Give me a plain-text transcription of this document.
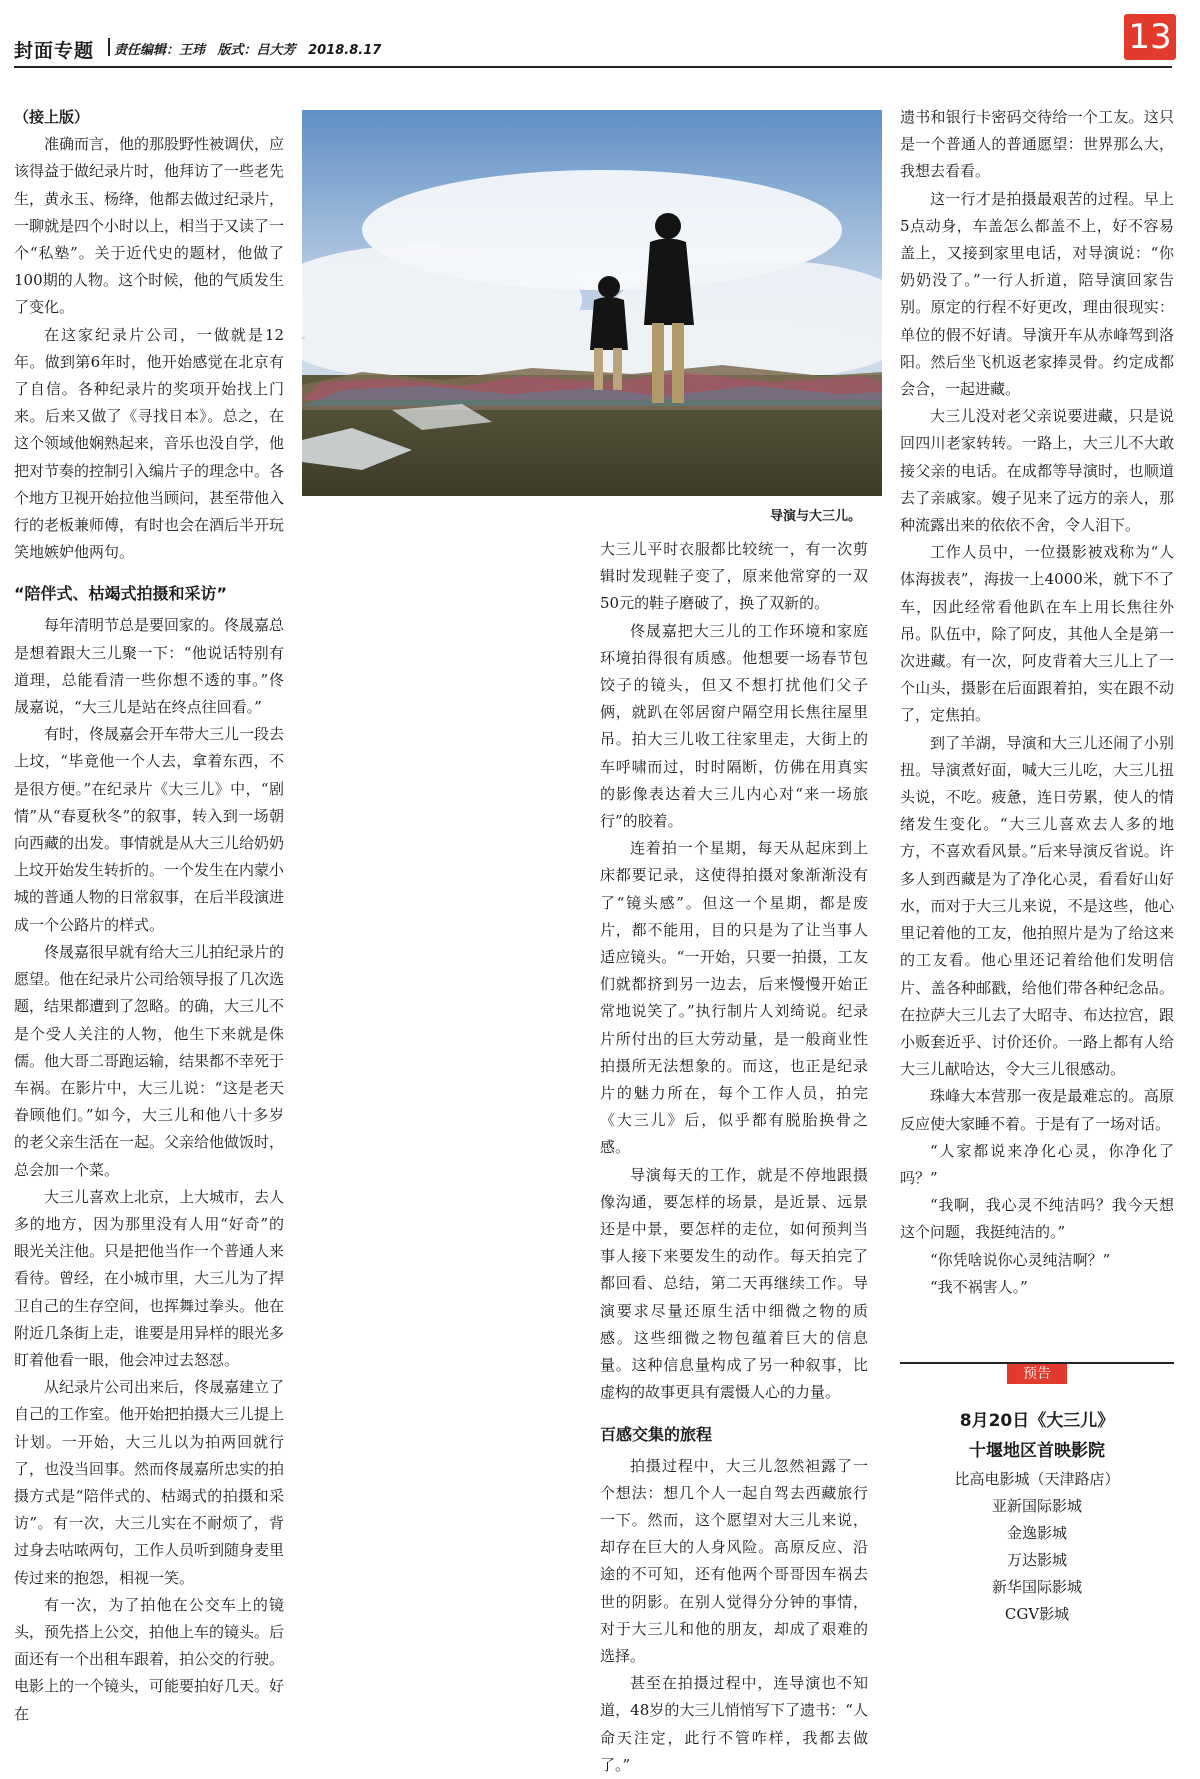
封面专题 责任编辑：王玮 版式：吕大芳 2018.8.17	13

（接上版）

准确而言，他的那股野性被调伏，应该得益于做纪录片时，他拜访了一些老先生，黄永玉、杨绛，他都去做过纪录片，一聊就是四个小时以上，相当于又读了一个“私塾”。关于近代史的题材，他做了100期的人物。这个时候，他的气质发生了变化。

在这家纪录片公司，一做就是12年。做到第6年时，他开始感觉在北京有了自信。各种纪录片的奖项开始找上门来。后来又做了《寻找日本》。总之，在这个领域他娴熟起来，音乐也没自学，他把对节奏的控制引入编片子的理念中。各个地方卫视开始拉他当顾问，甚至带他入行的老板兼师傅，有时也会在酒后半开玩笑地嫉妒他两句。

“陪伴式、枯竭式拍摄和采访”

每年清明节总是要回家的。佟晟嘉总是想着跟大三儿聚一下：“他说话特别有道理，总能看清一些你想不透的事。”佟晟嘉说，“大三儿是站在终点往回看。”

有时，佟晟嘉会开车带大三儿一段去上坟，“毕竟他一个人去，拿着东西，不是很方便。”在纪录片《大三儿》中，“剧情”从“春夏秋冬”的叙事，转入到一场朝向西藏的出发。事情就是从大三儿给奶奶上坟开始发生转折的。一个发生在内蒙小城的普通人物的日常叙事，在后半段演进成一个公路片的样式。

佟晟嘉很早就有给大三儿拍纪录片的愿望。他在纪录片公司给领导报了几次选题，结果都遭到了忽略。的确，大三儿不是个受人关注的人物，他生下来就是侏儒。他大哥二哥跑运输，结果都不幸死于车祸。在影片中，大三儿说：“这是老天眷顾他们。”如今，大三儿和他八十多岁的老父亲生活在一起。父亲给他做饭时，总会加一个菜。

大三儿喜欢上北京，上大城市，去人多的地方，因为那里没有人用“好奇”的眼光关注他。只是把他当作一个普通人来看待。曾经，在小城市里，大三儿为了捍卫自己的生存空间，也挥舞过拳头。他在附近几条街上走，谁要是用异样的眼光多盯着他看一眼，他会冲过去怒怼。

从纪录片公司出来后，佟晟嘉建立了自己的工作室。他开始把拍摄大三儿提上计划。一开始，大三儿以为拍两回就行了，也没当回事。然而佟晟嘉所忠实的拍摄方式是“陪伴式的、枯竭式的拍摄和采访”。有一次，大三儿实在不耐烦了，背过身去咕哝两句，工作人员听到随身麦里传过来的抱怨，相视一笑。

有一次，为了拍他在公交车上的镜头，预先搭上公交，拍他上车的镜头。后面还有一个出租车跟着，拍公交的行驶。电影上的一个镜头，可能要拍好几天。好在

导演与大三儿。

大三儿平时衣服都比较统一，有一次剪辑时发现鞋子变了，原来他常穿的一双50元的鞋子磨破了，换了双新的。

佟晟嘉把大三儿的工作环境和家庭环境拍得很有质感。他想要一场春节包饺子的镜头，但又不想打扰他们父子俩，就趴在邻居窗户隔空用长焦往屋里吊。拍大三儿收工往家里走，大街上的车呼啸而过，时时隔断，仿佛在用真实的影像表达着大三儿内心对“来一场旅行”的胶着。

连着拍一个星期，每天从起床到上床都要记录，这使得拍摄对象渐渐没有了“镜头感”。但这一个星期，都是废片，都不能用，目的只是为了让当事人适应镜头。“一开始，只要一拍摄，工友们就都挤到另一边去，后来慢慢开始正常地说笑了。”执行制片人刘绮说。纪录片所付出的巨大劳动量，是一般商业性拍摄所无法想象的。而这，也正是纪录片的魅力所在，每个工作人员，拍完《大三儿》后，似乎都有脱胎换骨之感。

导演每天的工作，就是不停地跟摄像沟通，要怎样的场景，是近景、远景还是中景，要怎样的走位，如何预判当事人接下来要发生的动作。每天拍完了都回看、总结，第二天再继续工作。导演要求尽量还原生活中细微之物的质感。这些细微之物包蕴着巨大的信息量。这种信息量构成了另一种叙事，比虚构的故事更具有震慑人心的力量。

百感交集的旅程

拍摄过程中，大三儿忽然袒露了一个想法：想几个人一起自驾去西藏旅行一下。然而，这个愿望对大三儿来说，却存在巨大的人身风险。高原反应、沿途的不可知，还有他两个哥哥因车祸去世的阴影。在别人觉得分分钟的事情，对于大三儿和他的朋友，却成了艰难的选择。

甚至在拍摄过程中，连导演也不知道，48岁的大三儿悄悄写下了遗书：“人命天注定，此行不管咋样，我都去做了。”

遗书和银行卡密码交待给一个工友。这只是一个普通人的普通愿望：世界那么大，我想去看看。

这一行才是拍摄最艰苦的过程。早上5点动身，车盖怎么都盖不上，好不容易盖上，又接到家里电话，对导演说：“你奶奶没了。”一行人折道，陪导演回家告别。原定的行程不好更改，理由很现实：单位的假不好请。导演开车从赤峰驾到洛阳。然后坐飞机返老家捧灵骨。约定成都会合，一起进藏。

大三儿没对老父亲说要进藏，只是说回四川老家转转。一路上，大三儿不大敢接父亲的电话。在成都等导演时，也顺道去了亲戚家。嫂子见来了远方的亲人，那种流露出来的依依不舍，令人泪下。

工作人员中，一位摄影被戏称为“人体海拔表”，海拔一上4000米，就下不了车，因此经常看他趴在车上用长焦往外吊。队伍中，除了阿皮，其他人全是第一次进藏。有一次，阿皮背着大三儿上了一个山头，摄影在后面跟着拍，实在跟不动了，定焦拍。

到了羊湖，导演和大三儿还闹了小别扭。导演煮好面，喊大三儿吃，大三儿扭头说，不吃。疲惫，连日劳累，使人的情绪发生变化。“大三儿喜欢去人多的地方，不喜欢看风景。”后来导演反省说。许多人到西藏是为了净化心灵，看看好山好水，而对于大三儿来说，不是这些，他心里记着他的工友，他拍照片是为了给这来的工友看。他心里还记着给他们发明信片、盖各种邮戳，给他们带各种纪念品。在拉萨大三儿去了大昭寺、布达拉宫，跟小贩套近乎、讨价还价。一路上都有人给大三儿献哈达，令大三儿很感动。

珠峰大本营那一夜是最难忘的。高原反应使大家睡不着。于是有了一场对话。

“人家都说来净化心灵，你净化了吗？”

“我啊，我心灵不纯洁吗？我今天想这个问题，我挺纯洁的。”

“你凭啥说你心灵纯洁啊？”

“我不祸害人。”

预告
8月20日《大三儿》
十堰地区首映影院
比高电影城（天津路店）
亚新国际影城
金逸影城
万达影城
新华国际影城
CGV影城
